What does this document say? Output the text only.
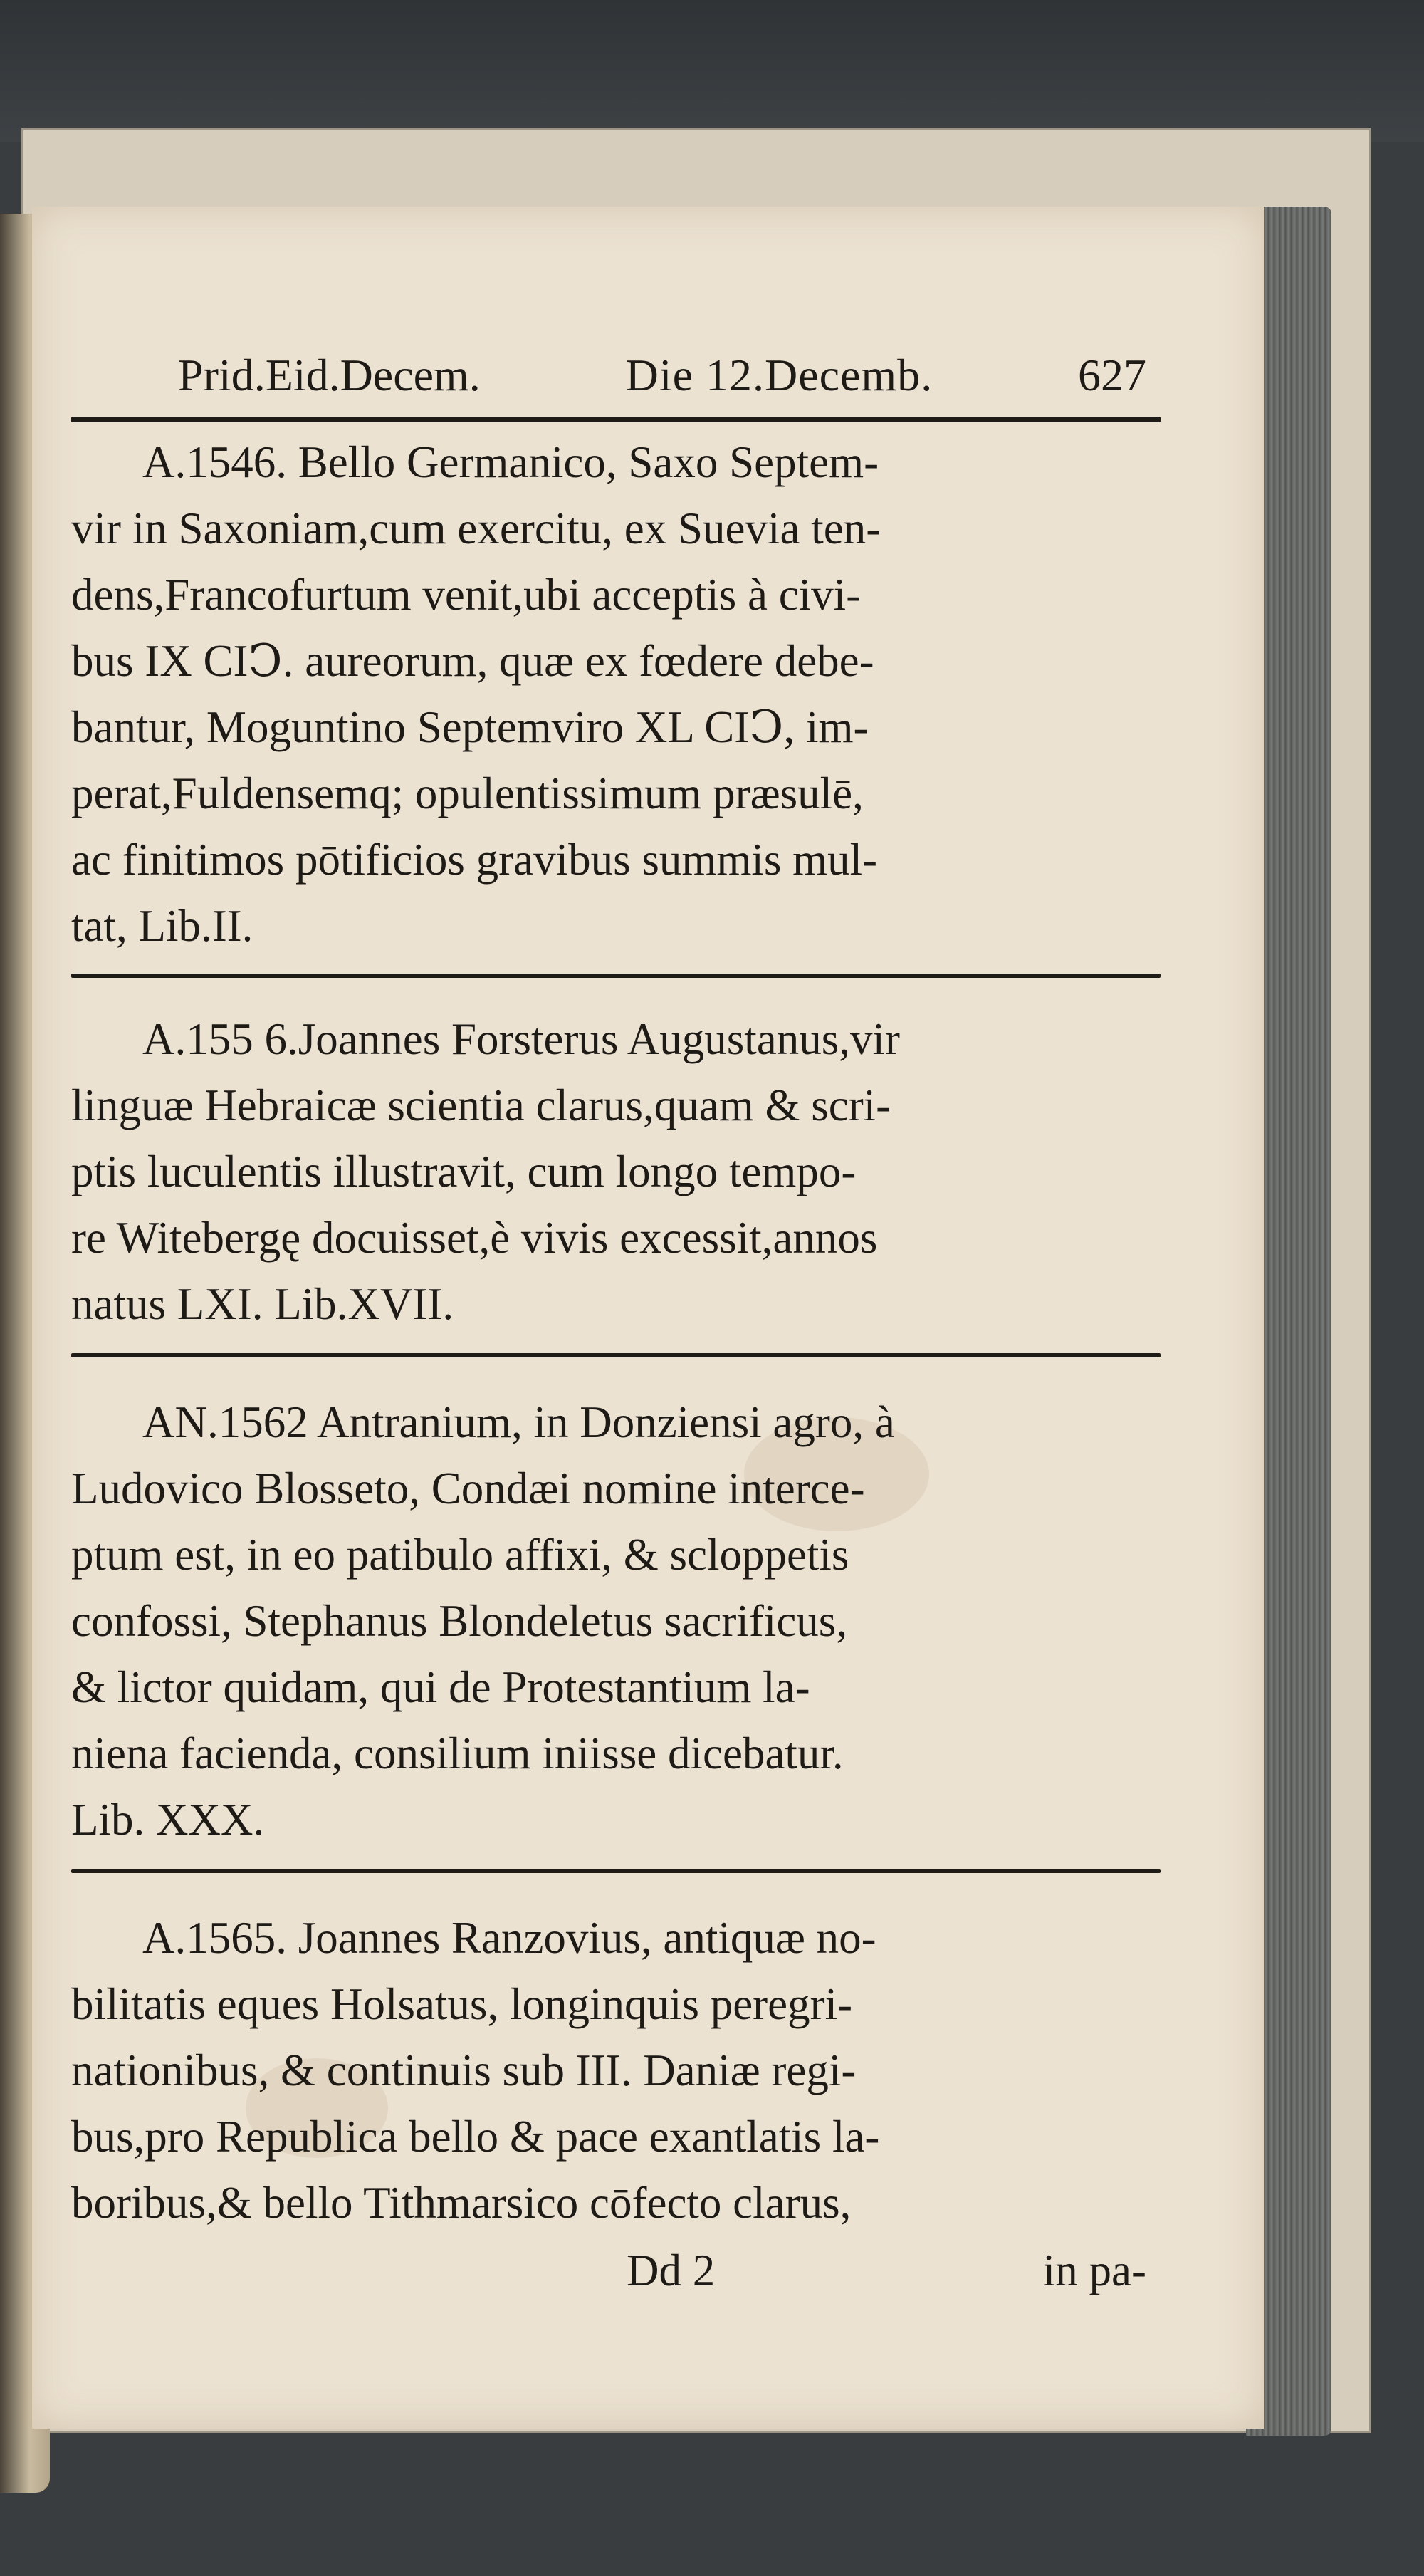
Prid.Eid.Decem.	Die 12.Decemb.	627

A.1546. Bello Germanico, Saxo Septem-

vir in Saxoniam,cum exercitu, ex Suevia ten-

dens,Francofurtum venit,ubi acceptis à civi-

bus IX CIↃ. aureorum, quæ ex fœdere debe-

bantur, Moguntino Septemviro XL CIↃ, im-

perat,Fuldensemq; opulentissimum præsulē,

ac finitimos pōtificios gravibus summis mul-

tat, Lib.II.

A.155 6.Joannes Forsterus Augustanus,vir

linguæ Hebraicæ scientia clarus,quam & scri-

ptis luculentis illustravit, cum longo tempo-

re Witebergę docuisset,è vivis excessit,annos

natus LXI. Lib.XVII.

AN.1562 Antranium, in Donziensi agro, à

Ludovico Blosseto, Condæi nomine interce-

ptum est, in eo patibulo affixi, & scloppetis

confossi, Stephanus Blondeletus sacrificus,

& lictor quidam, qui de Protestantium la-

niena facienda, consilium iniisse dicebatur.

Lib. XXX.

A.1565. Joannes Ranzovius, antiquæ no-

bilitatis eques Holsatus, longinquis peregri-

nationibus, & continuis sub III. Daniæ regi-

bus,pro Republica bello & pace exantlatis la-

boribus,& bello Tithmarsico cōfecto clarus,

Dd 2	in pa-
